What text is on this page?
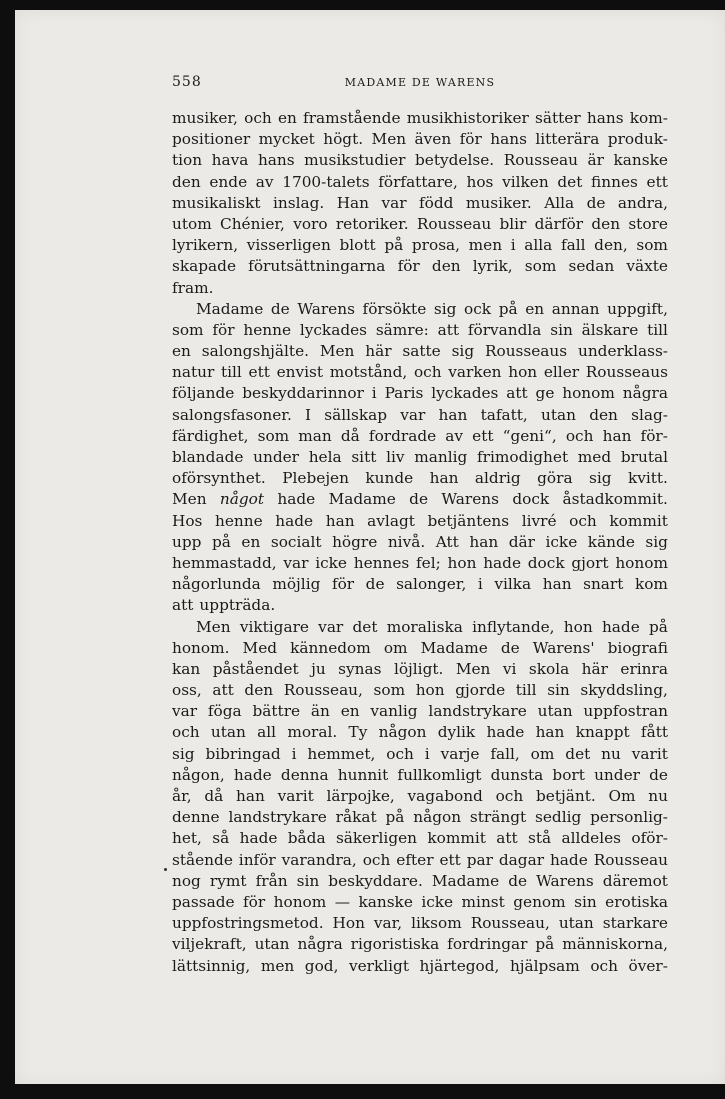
558	MADAME DE WARENS
musiker, och en framstående musikhistoriker sätter hans kom-
positioner mycket högt. Men även för hans litterära produk-
tion hava hans musikstudier betydelse. Rousseau är kanske
den ende av 1700-talets författare, hos vilken det finnes ett
musikaliskt inslag. Han var född musiker. Alla de andra,
utom Chénier, voro retoriker. Rousseau blir därför den store
lyrikern, visserligen blott på prosa, men i alla fall den, som
skapade förutsättningarna för den lyrik, som sedan växte
fram.
Madame de Warens försökte sig ock på en annan uppgift,
som för henne lyckades sämre: att förvandla sin älskare till
en salongshjälte. Men här satte sig Rousseaus underklass-
natur till ett envist motstånd, och varken hon eller Rousseaus
följande beskyddarinnor i Paris lyckades att ge honom några
salongsfasoner. I sällskap var han tafatt, utan den slag-
färdighet, som man då fordrade av ett “geni“, och han för-
blandade under hela sitt liv manlig frimodighet med brutal
oförsynthet. Plebejen kunde han aldrig göra sig kvitt.
Men något hade Madame de Warens dock åstadkommit.
Hos henne hade han avlagt betjäntens livré och kommit
upp på en socialt högre nivå. Att han där icke kände sig
hemmastadd, var icke hennes fel; hon hade dock gjort honom
någorlunda möjlig för de salonger, i vilka han snart kom
att uppträda.
Men viktigare var det moraliska inflytande, hon hade på
honom. Med kännedom om Madame de Warens' biografi
kan påståendet ju synas löjligt. Men vi skola här erinra
oss, att den Rousseau, som hon gjorde till sin skyddsling,
var föga bättre än en vanlig landstrykare utan uppfostran
och utan all moral. Ty någon dylik hade han knappt fått
sig bibringad i hemmet, och i varje fall, om det nu varit
någon, hade denna hunnit fullkomligt dunsta bort under de
år, då han varit lärpojke, vagabond och betjänt. Om nu
denne landstrykare råkat på någon strängt sedlig personlig-
het, så hade båda säkerligen kommit att stå alldeles oför-
stående inför varandra, och efter ett par dagar hade Rousseau
nog rymt från sin beskyddare. Madame de Warens däremot
passade för honom — kanske icke minst genom sin erotiska
uppfostringsmetod. Hon var, liksom Rousseau, utan starkare
viljekraft, utan några rigoristiska fordringar på människorna,
lättsinnig, men god, verkligt hjärtegod, hjälpsam och över-
